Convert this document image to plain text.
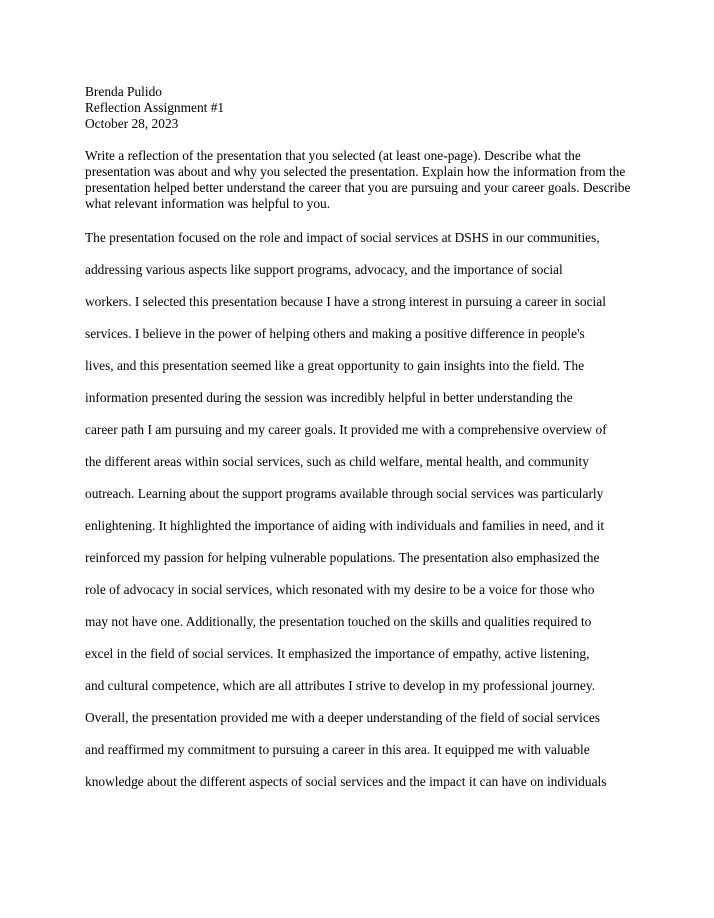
Brenda Pulido
Reflection Assignment #1
October 28, 2023

Write a reflection of the presentation that you selected (at least one-page). Describe what the presentation was about and why you selected the presentation. Explain how the information from the presentation helped better understand the career that you are pursuing and your career goals. Describe what relevant information was helpful to you.

The presentation focused on the role and impact of social services at DSHS in our communities,
addressing various aspects like support programs, advocacy, and the importance of social
workers. I selected this presentation because I have a strong interest in pursuing a career in social
services. I believe in the power of helping others and making a positive difference in people's
lives, and this presentation seemed like a great opportunity to gain insights into the field. The
information presented during the session was incredibly helpful in better understanding the
career path I am pursuing and my career goals. It provided me with a comprehensive overview of
the different areas within social services, such as child welfare, mental health, and community
outreach. Learning about the support programs available through social services was particularly
enlightening. It highlighted the importance of aiding with individuals and families in need, and it
reinforced my passion for helping vulnerable populations. The presentation also emphasized the
role of advocacy in social services, which resonated with my desire to be a voice for those who
may not have one. Additionally, the presentation touched on the skills and qualities required to
excel in the field of social services. It emphasized the importance of empathy, active listening,
and cultural competence, which are all attributes I strive to develop in my professional journey.
Overall, the presentation provided me with a deeper understanding of the field of social services
and reaffirmed my commitment to pursuing a career in this area. It equipped me with valuable
knowledge about the different aspects of social services and the impact it can have on individuals
